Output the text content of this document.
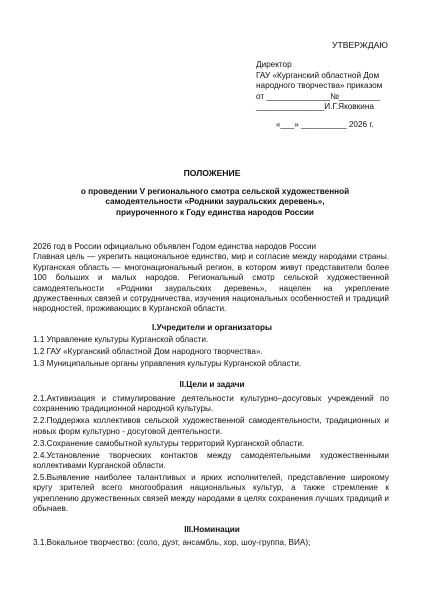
УТВЕРЖДАЮ
Директор
ГАУ «Курганский областной Дом
народного творчества» приказом
от ______________№_________
_______________И.Г.Яковкина
«___» __________ 2026 г.
ПОЛОЖЕНИЕ
о проведении V регионального смотра сельской художественной
самодеятельности «Родники зауральских деревень»,
приуроченного к Году единства народов России
2026 год в России официально объявлен Годом единства народов России
Главная цель — укрепить национальное единство, мир и согласие между народами страны. Курганская область — многонациональный регион, в котором живут представители более 100 больших и малых народов. Региональный смотр сельской художественной самодеятельности «Родники зауральских деревень», нацелен на укрепление дружественных связей и сотрудничества, изучения национальных особенностей и традиций народностей, проживающих в Курганской области.
I.Учредители и организаторы
1.1 Управление культуры Курганской области.
1.2 ГАУ «Курганский областной Дом народного творчества».
1.3 Муниципальные органы управления культуры Курганской области.
II.Цели и задачи
2.1.Активизация и стимулирование деятельности культурно–досуговых учреждений по сохранению традиционной народной культуры.
2.2.Поддержка коллективов сельской художественной самодеятельности, традиционных и новых форм культурно - досуговой деятельности.
2.3.Сохранение самобытной культуры территорий Курганской области.
2.4.Установление творческих контактов между самодеятельными художественными коллективами Курганской области.
2.5.Выявление наиболее талантливых и ярких исполнителей, представление широкому кругу зрителей всего многообразия национальных культур, а также стремление к укреплению дружественных связей между народами в целях сохранения лучших традиций и обычаев.
III.Номинации
3.1.Вокальное творчество: (соло, дуэт, ансамбль, хор, шоу-группа, ВИА);
